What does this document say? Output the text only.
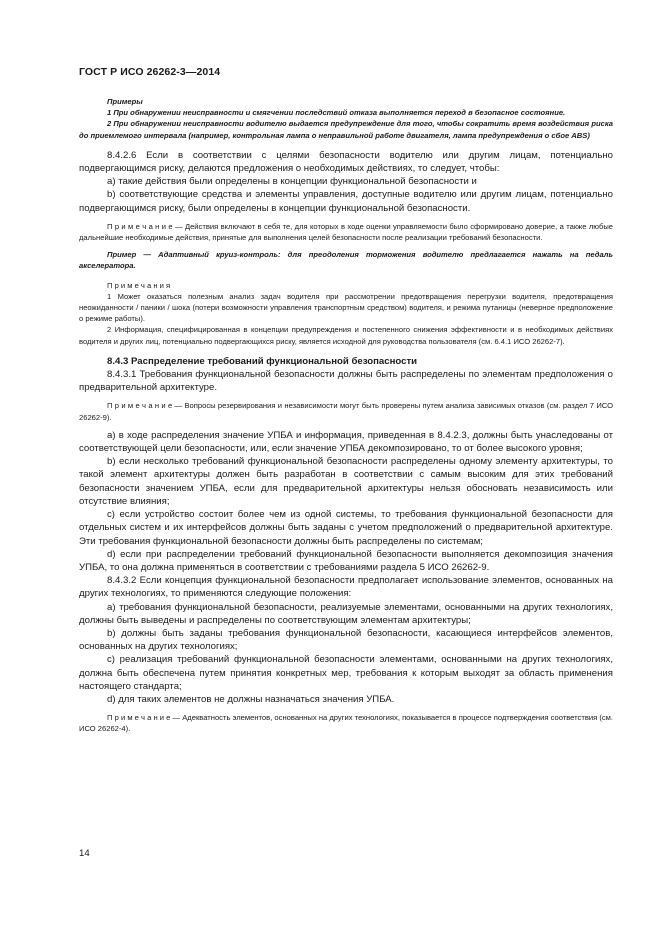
ГОСТ Р ИСО 26262-3—2014

Примеры

1 При обнаружении неисправности и смягчении последствий отказа выполняется переход в безопасное состояние.

2 При обнаружении неисправности водителю выдается предупреждение для того, чтобы сократить время воздействия риска до приемлемого интервала (например, контрольная лампа о неправильной работе двигателя, лампа предупреждения о сбое ABS)

8.4.2.6 Если в соответствии с целями безопасности водителю или другим лицам, потенциально подвергающимся риску, делаются предложения о необходимых действиях, то следует, чтобы:

a) такие действия были определены в концепции функциональной безопасности и

b) соответствующие средства и элементы управления, доступные водителю или другим лицам, потенциально подвергающимся риску, были определены в концепции функциональной безопасности.

П р и м е ч а н и е — Действия включают в себя те, для которых в ходе оценки управляемости было сформировано доверие, а также любые дальнейшие необходимые действия, принятые для выполнения целей безопасности после реализации требований безопасности.

Пример — Адаптивный круиз-контроль: для преодоления торможения водителю предлагается нажать на педаль акселератора.

П р и м е ч а н и я

1 Может оказаться полезным анализ задач водителя при рассмотрении предотвращения перегрузки водителя, предотвращения неожиданности / паники / шока (потери возможности управления транспортным средством) водителя, и режима путаницы (неверное предположение о режиме работы).

2 Информация, специфицированная в концепции предупреждения и постепенного снижения эффективности и в необходимых действиях водителя и других лиц, потенциально подвергающихся риску, является исходной для руководства пользователя (см. 6.4.1 ИСО 26262-7).

8.4.3 Распределение требований функциональной безопасности

8.4.3.1 Требования функциональной безопасности должны быть распределены по элементам предположения о предварительной архитектуре.

П р и м е ч а н и е — Вопросы резервирования и независимости могут быть проверены путем анализа зависимых отказов (см. раздел 7 ИСО 26262-9).

a) в ходе распределения значение УПБА и информация, приведенная в 8.4.2.3, должны быть унаследованы от соответствующей цели безопасности, или, если значение УПБА декомпозировано, то от более высокого уровня;

b) если несколько требований функциональной безопасности распределены одному элементу архитектуры, то такой элемент архитектуры должен быть разработан в соответствии с самым высоким для этих требований безопасности значением УПБА, если для предварительной архитектуры нельзя обосновать независимость или отсутствие влияния;

c) если устройство состоит более чем из одной системы, то требования функциональной безопасности для отдельных систем и их интерфейсов должны быть заданы с учетом предположений о предварительной архитектуре. Эти требования функциональной безопасности должны быть распределены по системам;

d) если при распределении требований функциональной безопасности выполняется декомпозиция значения УПБА, то она должна применяться в соответствии с требованиями раздела 5 ИСО 26262-9.

8.4.3.2 Если концепция функциональной безопасности предполагает использование элементов, основанных на других технологиях, то применяются следующие положения:

a) требования функциональной безопасности, реализуемые элементами, основанными на других технологиях, должны быть выведены и распределены по соответствующим элементам архитектуры;

b) должны быть заданы требования функциональной безопасности, касающиеся интерфейсов элементов, основанных на других технологиях;

c) реализация требований функциональной безопасности элементами, основанными на других технологиях, должна быть обеспечена путем принятия конкретных мер, требования к которым выходят за область применения настоящего стандарта;

d) для таких элементов не должны назначаться значения УПБА.

П р и м е ч а н и е — Адекватность элементов, основанных на других технологиях, показывается в процессе подтверждения соответствия (см. ИСО 26262-4).

14
